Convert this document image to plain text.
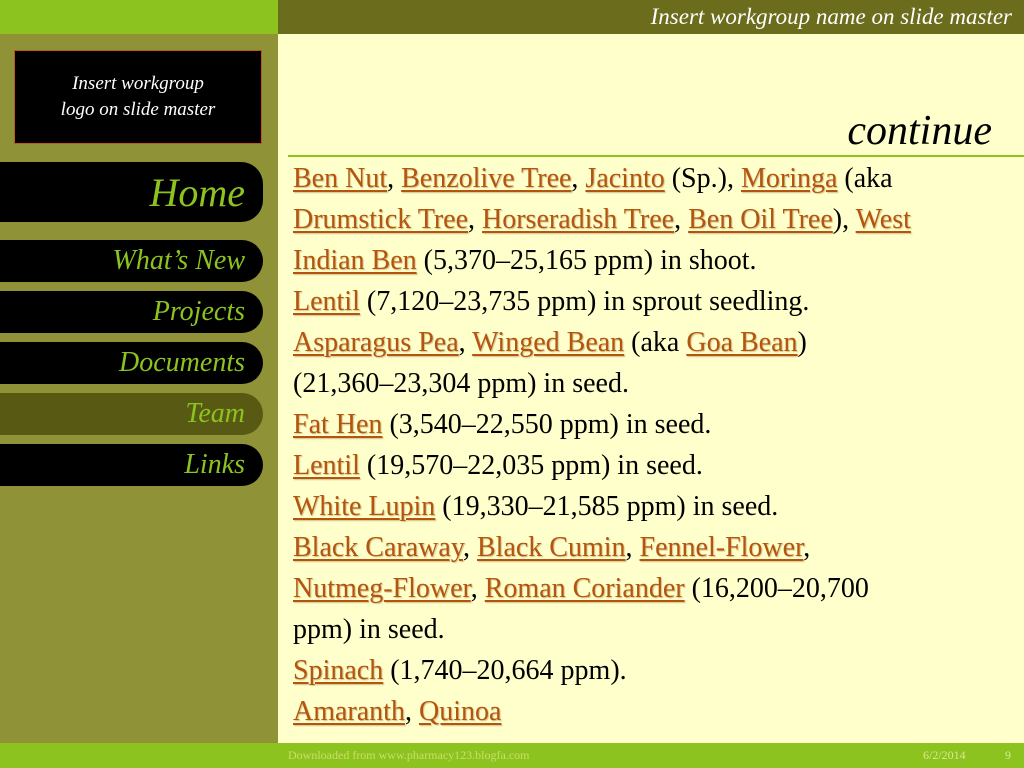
Insert workgroup name on slide master
Insert workgroup
logo on slide master
Home
What’s New
Projects
Documents
Team
Links
continue
Ben Nut, Benzolive Tree, Jacinto (Sp.), Moringa (aka
Drumstick Tree, Horseradish Tree, Ben Oil Tree), West
Indian Ben (5,370–25,165 ppm) in shoot.
Lentil (7,120–23,735 ppm) in sprout seedling.
Asparagus Pea, Winged Bean (aka Goa Bean)
(21,360–23,304 ppm) in seed.
Fat Hen (3,540–22,550 ppm) in seed.
Lentil (19,570–22,035 ppm) in seed.
White Lupin (19,330–21,585 ppm) in seed.
Black Caraway, Black Cumin, Fennel-Flower,
Nutmeg-Flower, Roman Coriander (16,200–20,700
ppm) in seed.
Spinach (1,740–20,664 ppm).
Amaranth, Quinoa
Downloaded from www.pharmacy123.blogfa.com	6/2/2014	9
